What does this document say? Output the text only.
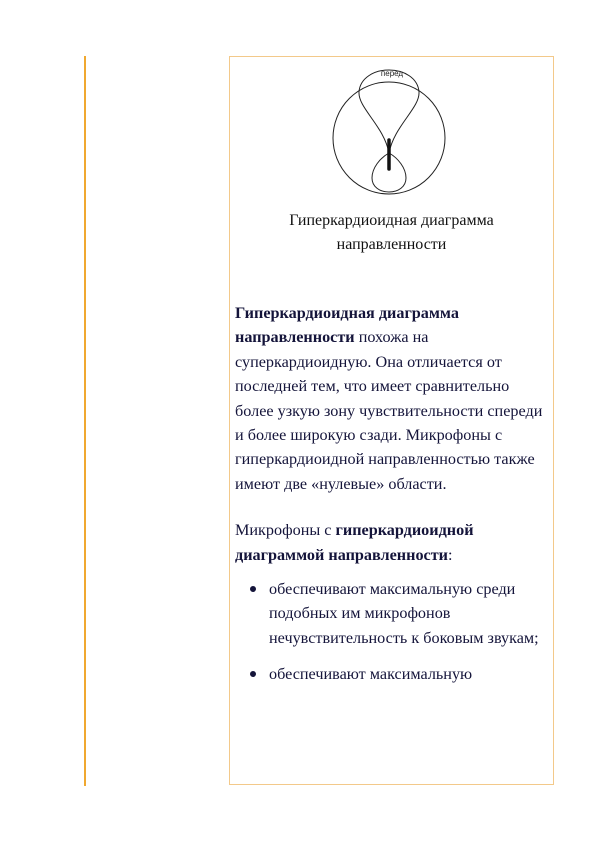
перед
Гиперкардиоидная диаграмма
направленности

Гиперкардиоидная диаграмма направленности похожа на суперкардиоидную. Она отличается от последней тем, что имеет сравнительно более узкую зону чувствительности спереди и более широкую сзади. Микрофоны с гиперкардиоидной направленностью также имеют две «нулевые» области.

Микрофоны с гиперкардиоидной диаграммой направленности:

обеспечивают максимальную среди подобных им микрофонов нечувствительность к боковым звукам;
обеспечивают максимальную
